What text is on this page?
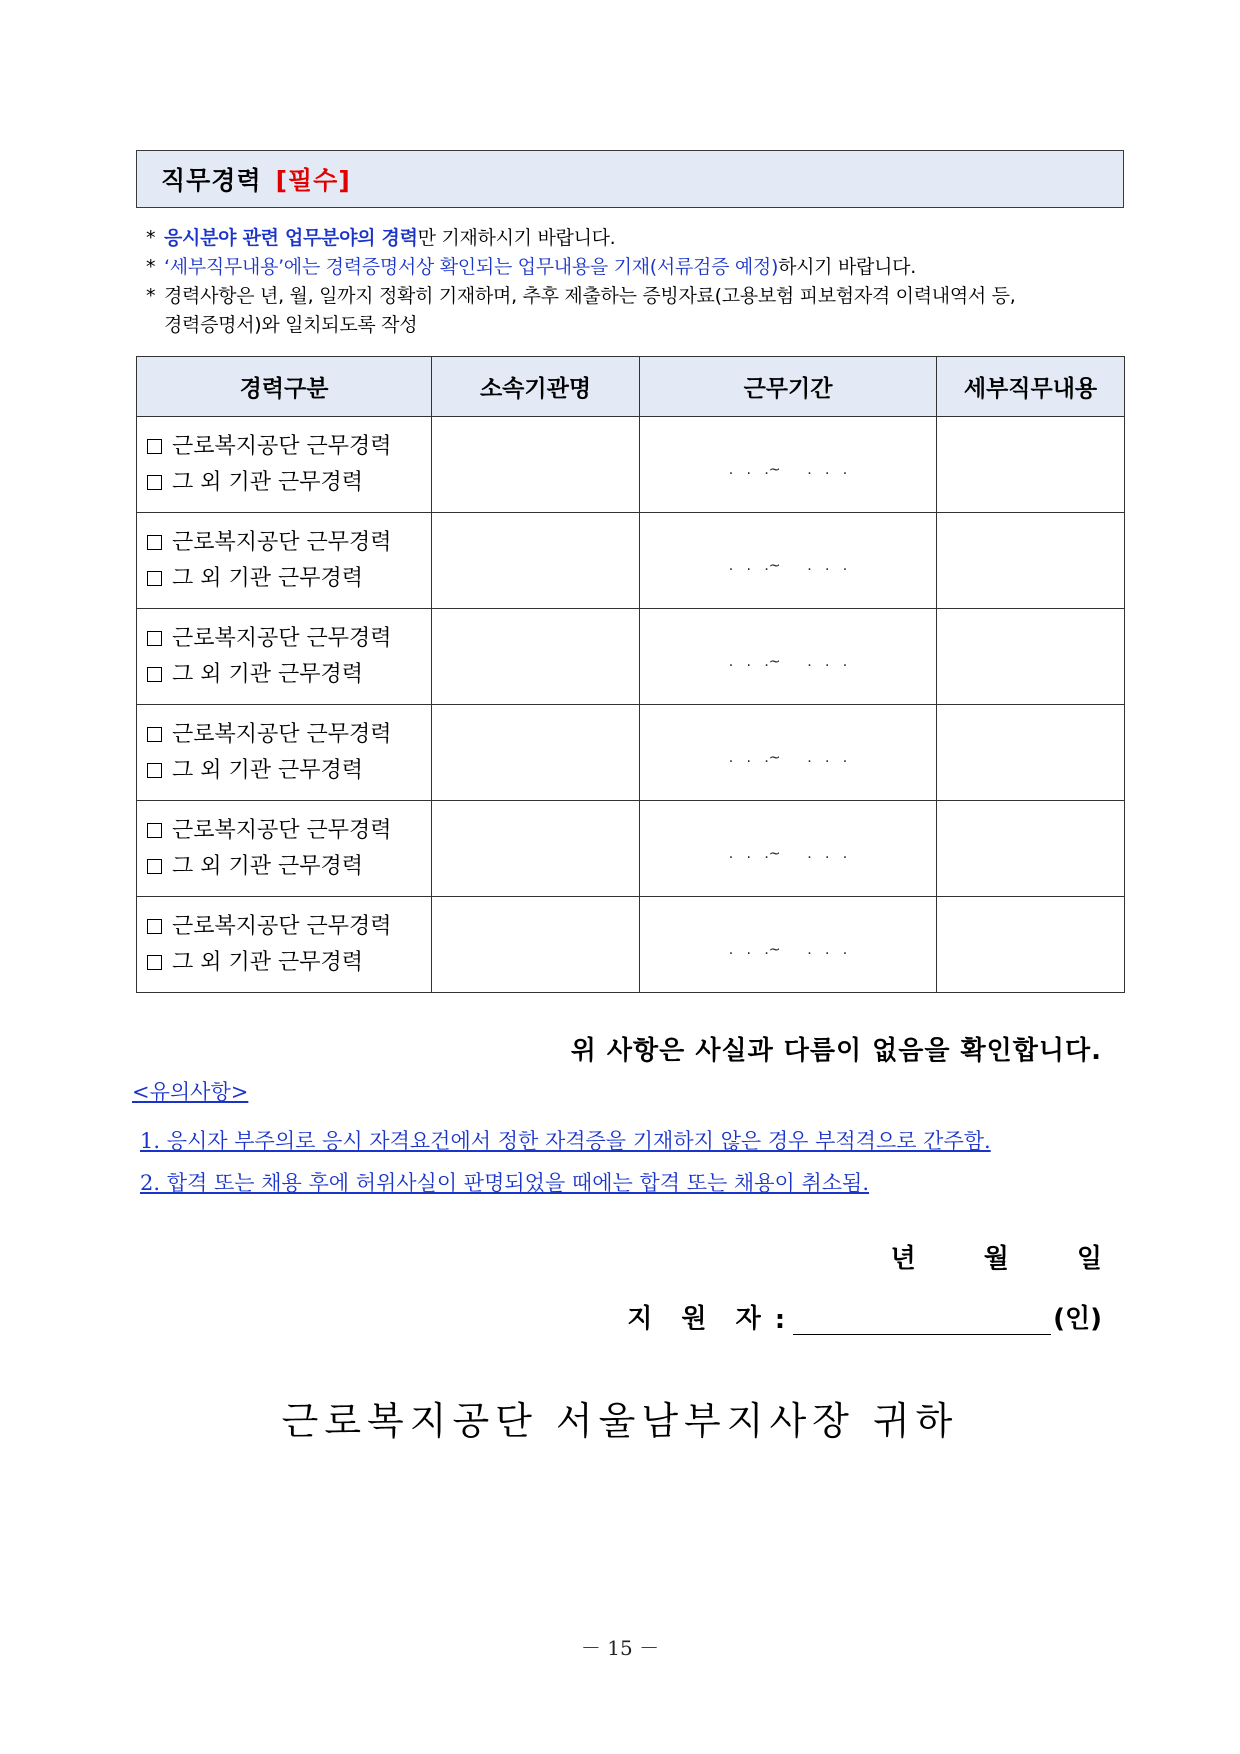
직무경력 [필수]
* 응시분야 관련 업무분야의 경력만 기재하시기 바랍니다.
* ‘세부직무내용’에는 경력증명서상 확인되는 업무내용을 기재(서류검증 예정)하시기 바랍니다.
* 경력사항은 년, 월, 일까지 정확히 기재하며, 추후 제출하는 증빙자료(고용보험 피보험자격 이력내역서 등,
경력증명서)와 일치되도록 작성
경력구분	소속기관명	근무기간	세부직무내용

근로복지공단 근무경력
그 외 기관 근무경력		.   .   .~      .   .   .	

근로복지공단 근무경력
그 외 기관 근무경력		.   .   .~      .   .   .	

근로복지공단 근무경력
그 외 기관 근무경력		.   .   .~      .   .   .	

근로복지공단 근무경력
그 외 기관 근무경력		.   .   .~      .   .   .	

근로복지공단 근무경력
그 외 기관 근무경력		.   .   .~      .   .   .	

근로복지공단 근무경력
그 외 기관 근무경력		.   .   .~      .   .   .	
위 사항은 사실과 다름이 없음을 확인합니다.
<유의사항>
1. 응시자 부주의로 응시 자격요건에서 정한 자격증을 기재하지 않은 경우 부적격으로 간주함.
2. 합격 또는 채용 후에 허위사실이 판명되었을 때에는 합격 또는 채용이 취소됨.
년	월	일
지 원 자 :	(인)
근로복지공단 서울남부지사장 귀하
－ 15 －
